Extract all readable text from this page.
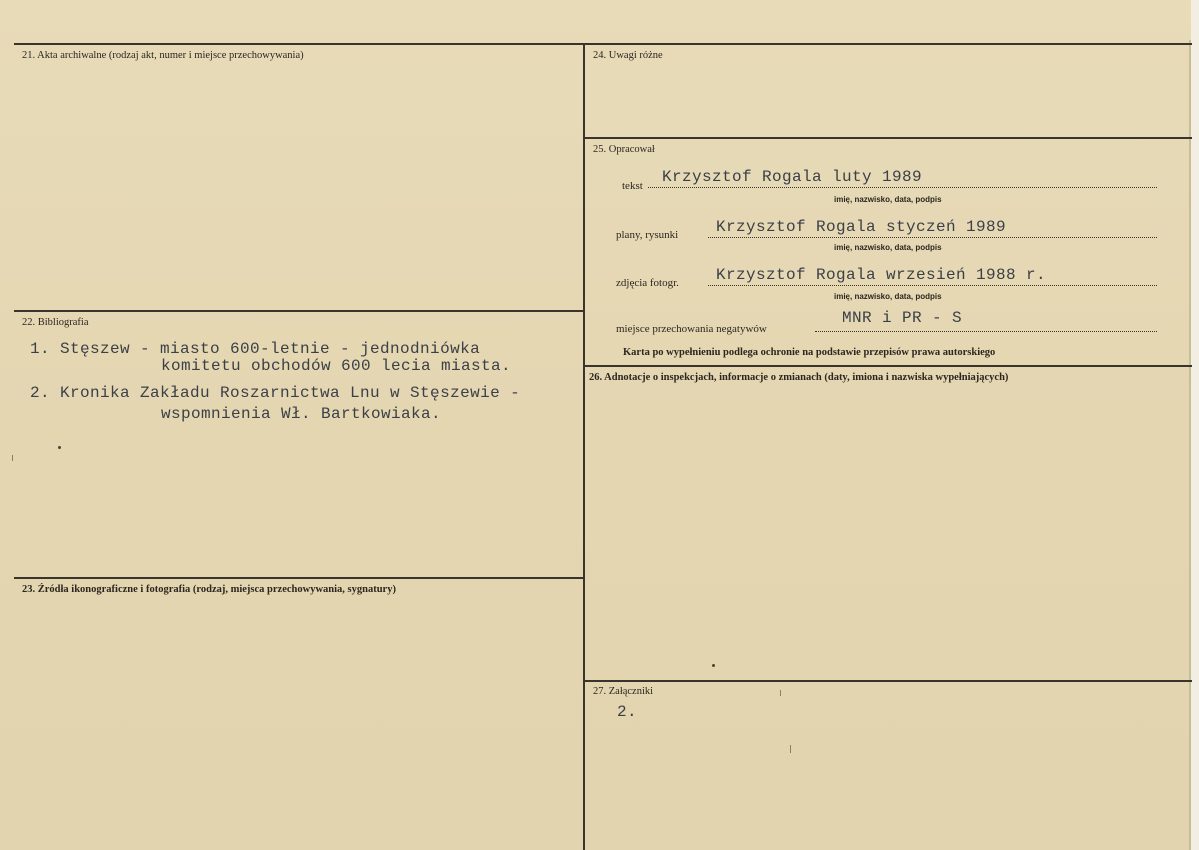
21. Akta archiwalne (rodzaj akt, numer i miejsce przechowywania)
22. Bibliografia
1. Stęszew - miasto 600-letnie - jednodniówka
komitetu obchodów 600 lecia miasta.
2. Kronika Zakładu Roszarnictwa Lnu w Stęszewie -
wspomnienia Wł. Bartkowiaka.
23. Źródła ikonograficzne i fotografia (rodzaj, miejsca przechowywania, sygnatury)
24. Uwagi różne
25. Opracował
tekst Krzysztof Rogala luty 1989
imię, nazwisko, data, podpis
plany, rysunki Krzysztof Rogala styczeń 1989
imię, nazwisko, data, podpis
zdjęcia fotogr. Krzysztof Rogala wrzesień 1988 r.
imię, nazwisko, data, podpis
miejsce przechowania negatywów
MNR i PR - S
Karta po wypełnieniu podlega ochronie na podstawie przepisów prawa autorskiego
26. Adnotacje o inspekcjach, informacje o zmianach (daty, imiona i nazwiska wypełniających)
27. Załączniki
2.
